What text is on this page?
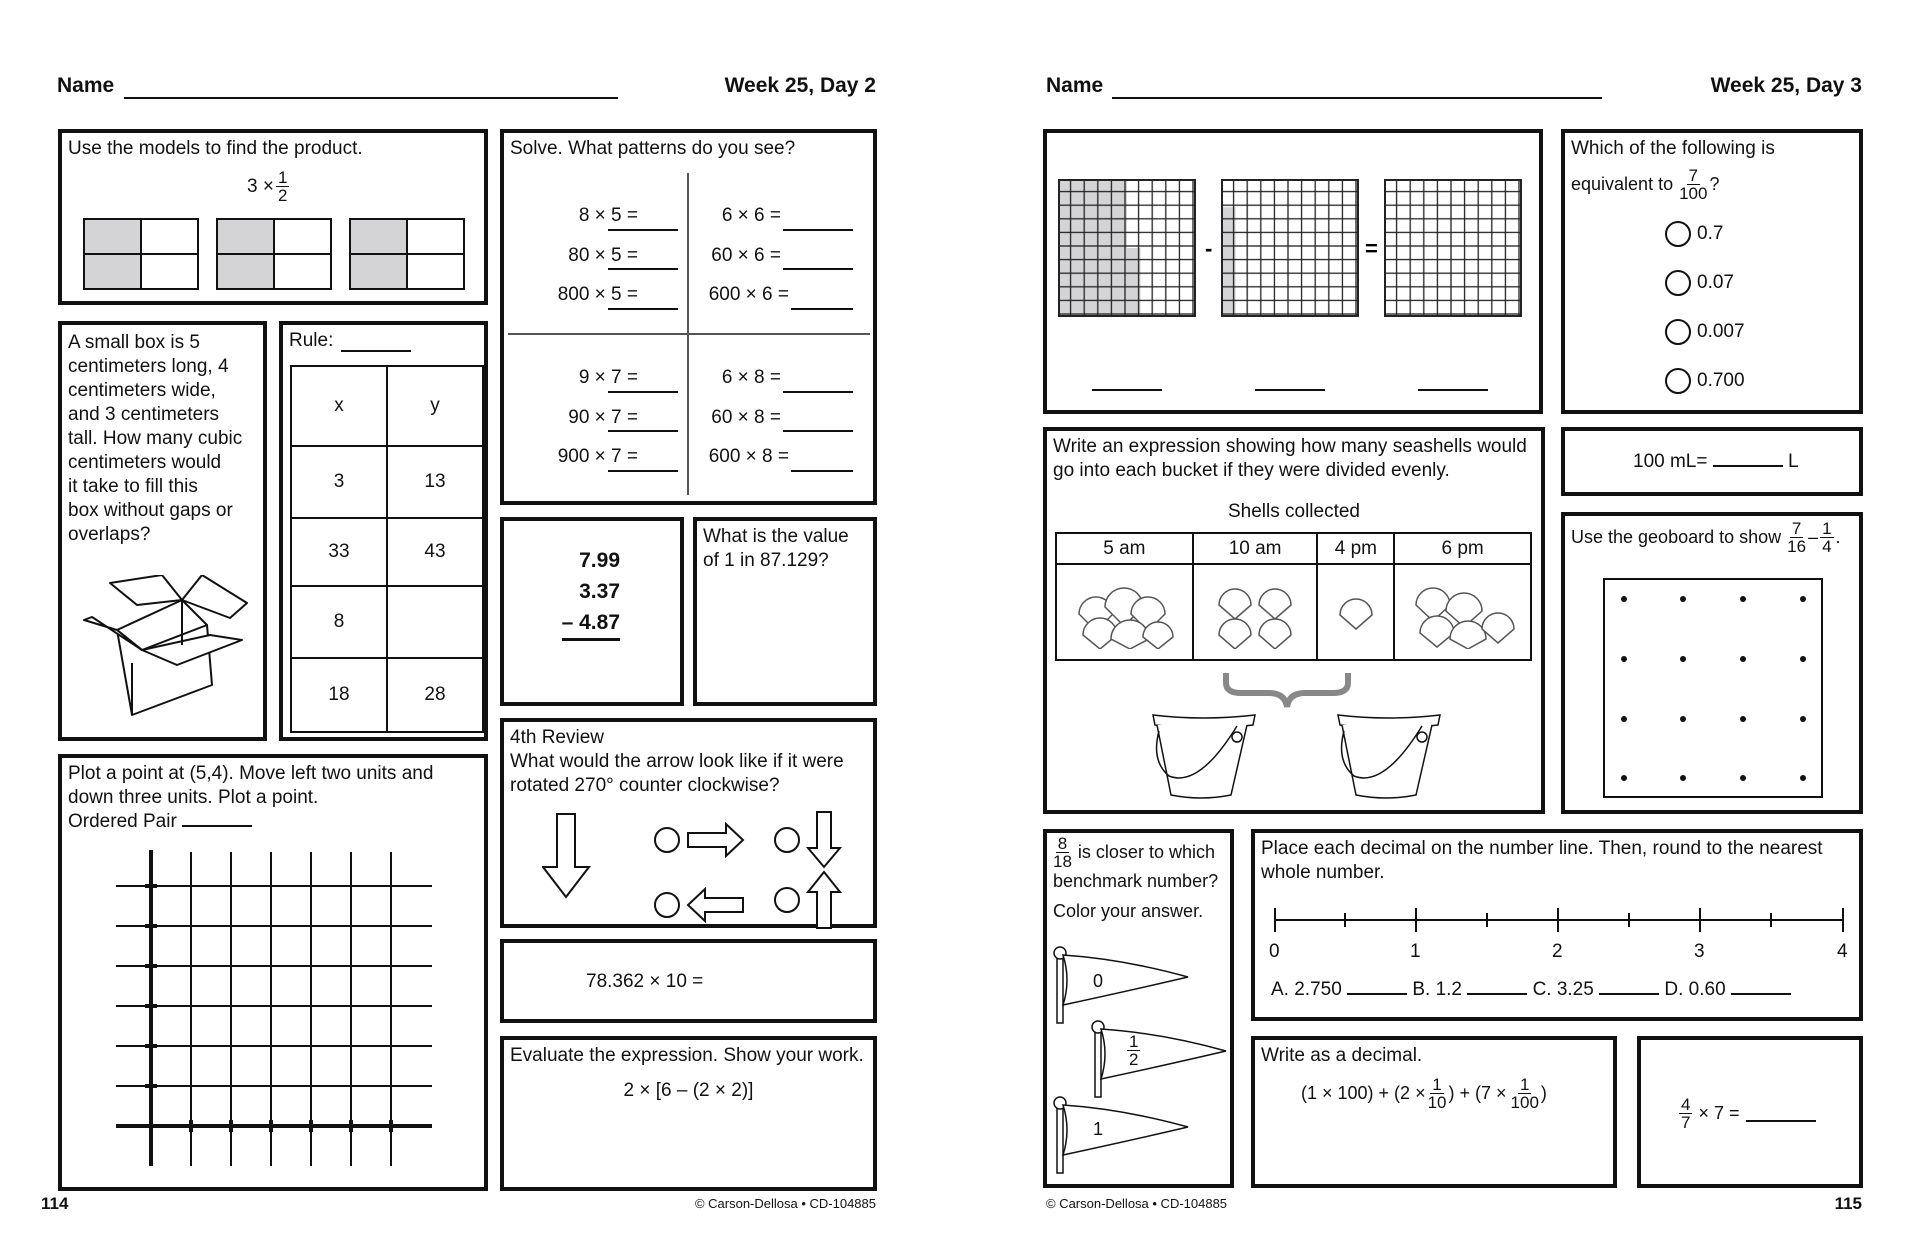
Name	Week 25, Day 2
Use the models to find the product.
$3 \times \frac{1}{2}$
Solve. What patterns do you see?
8 × 5 =
80 × 5 =
800 × 5 =
6 × 6 =
60 × 6 =
600 × 6 =
9 × 7 =
90 × 7 =
900 × 7 =
6 × 8 =
60 × 8 =
600 × 8 =
A small box is 5
centimeters long, 4
centimeters wide,
and 3 centimeters
tall. How many cubic
centimeters would
it take to fill this
box without gaps or
overlaps?
Rule:
x	y
3	13
33	43
8	
18	28
7.99
3.37
– 4.87
What is the value
of 1 in 87.129?
4th Review
What would the arrow look like if it were
rotated 270° counter clockwise?
78.362 × 10 =
Evaluate the expression. Show your work.
2 × [6 – (2 × 2)]
Plot a point at (5,4). Move left two units and
down three units. Plot a point.
Ordered Pair
114	© Carson-Dellosa • CD-104885
Name	Week 25, Day 3
-	=
Which of the following is
equivalent to $\frac{7}{100}$ ?
0.7
0.07
0.007
0.700
Write an expression showing how many seashells would
go into each bucket if they were divided evenly.
Shells collected
5 am	10 am	4 pm	6 pm

100 mL=	L
Use the geoboard to show $\frac{7}{16} - \frac{1}{4}$ .
$\frac{8}{18}$ is closer to which
benchmark number?
Color your answer.
0
$\frac{1}{2}$
1
Place each decimal on the number line. Then, round to the nearest
whole number.
0	1	2	3	4
A. 2.750	B. 1.2	C. 3.25	D. 0.60
Write as a decimal.
$(1 \times 100) + (2 \times \frac{1}{10}$ ) + ($7 \times \frac{1}{100}$ )
$\frac{4}{7} \times 7$ =
© Carson-Dellosa • CD-104885	115
